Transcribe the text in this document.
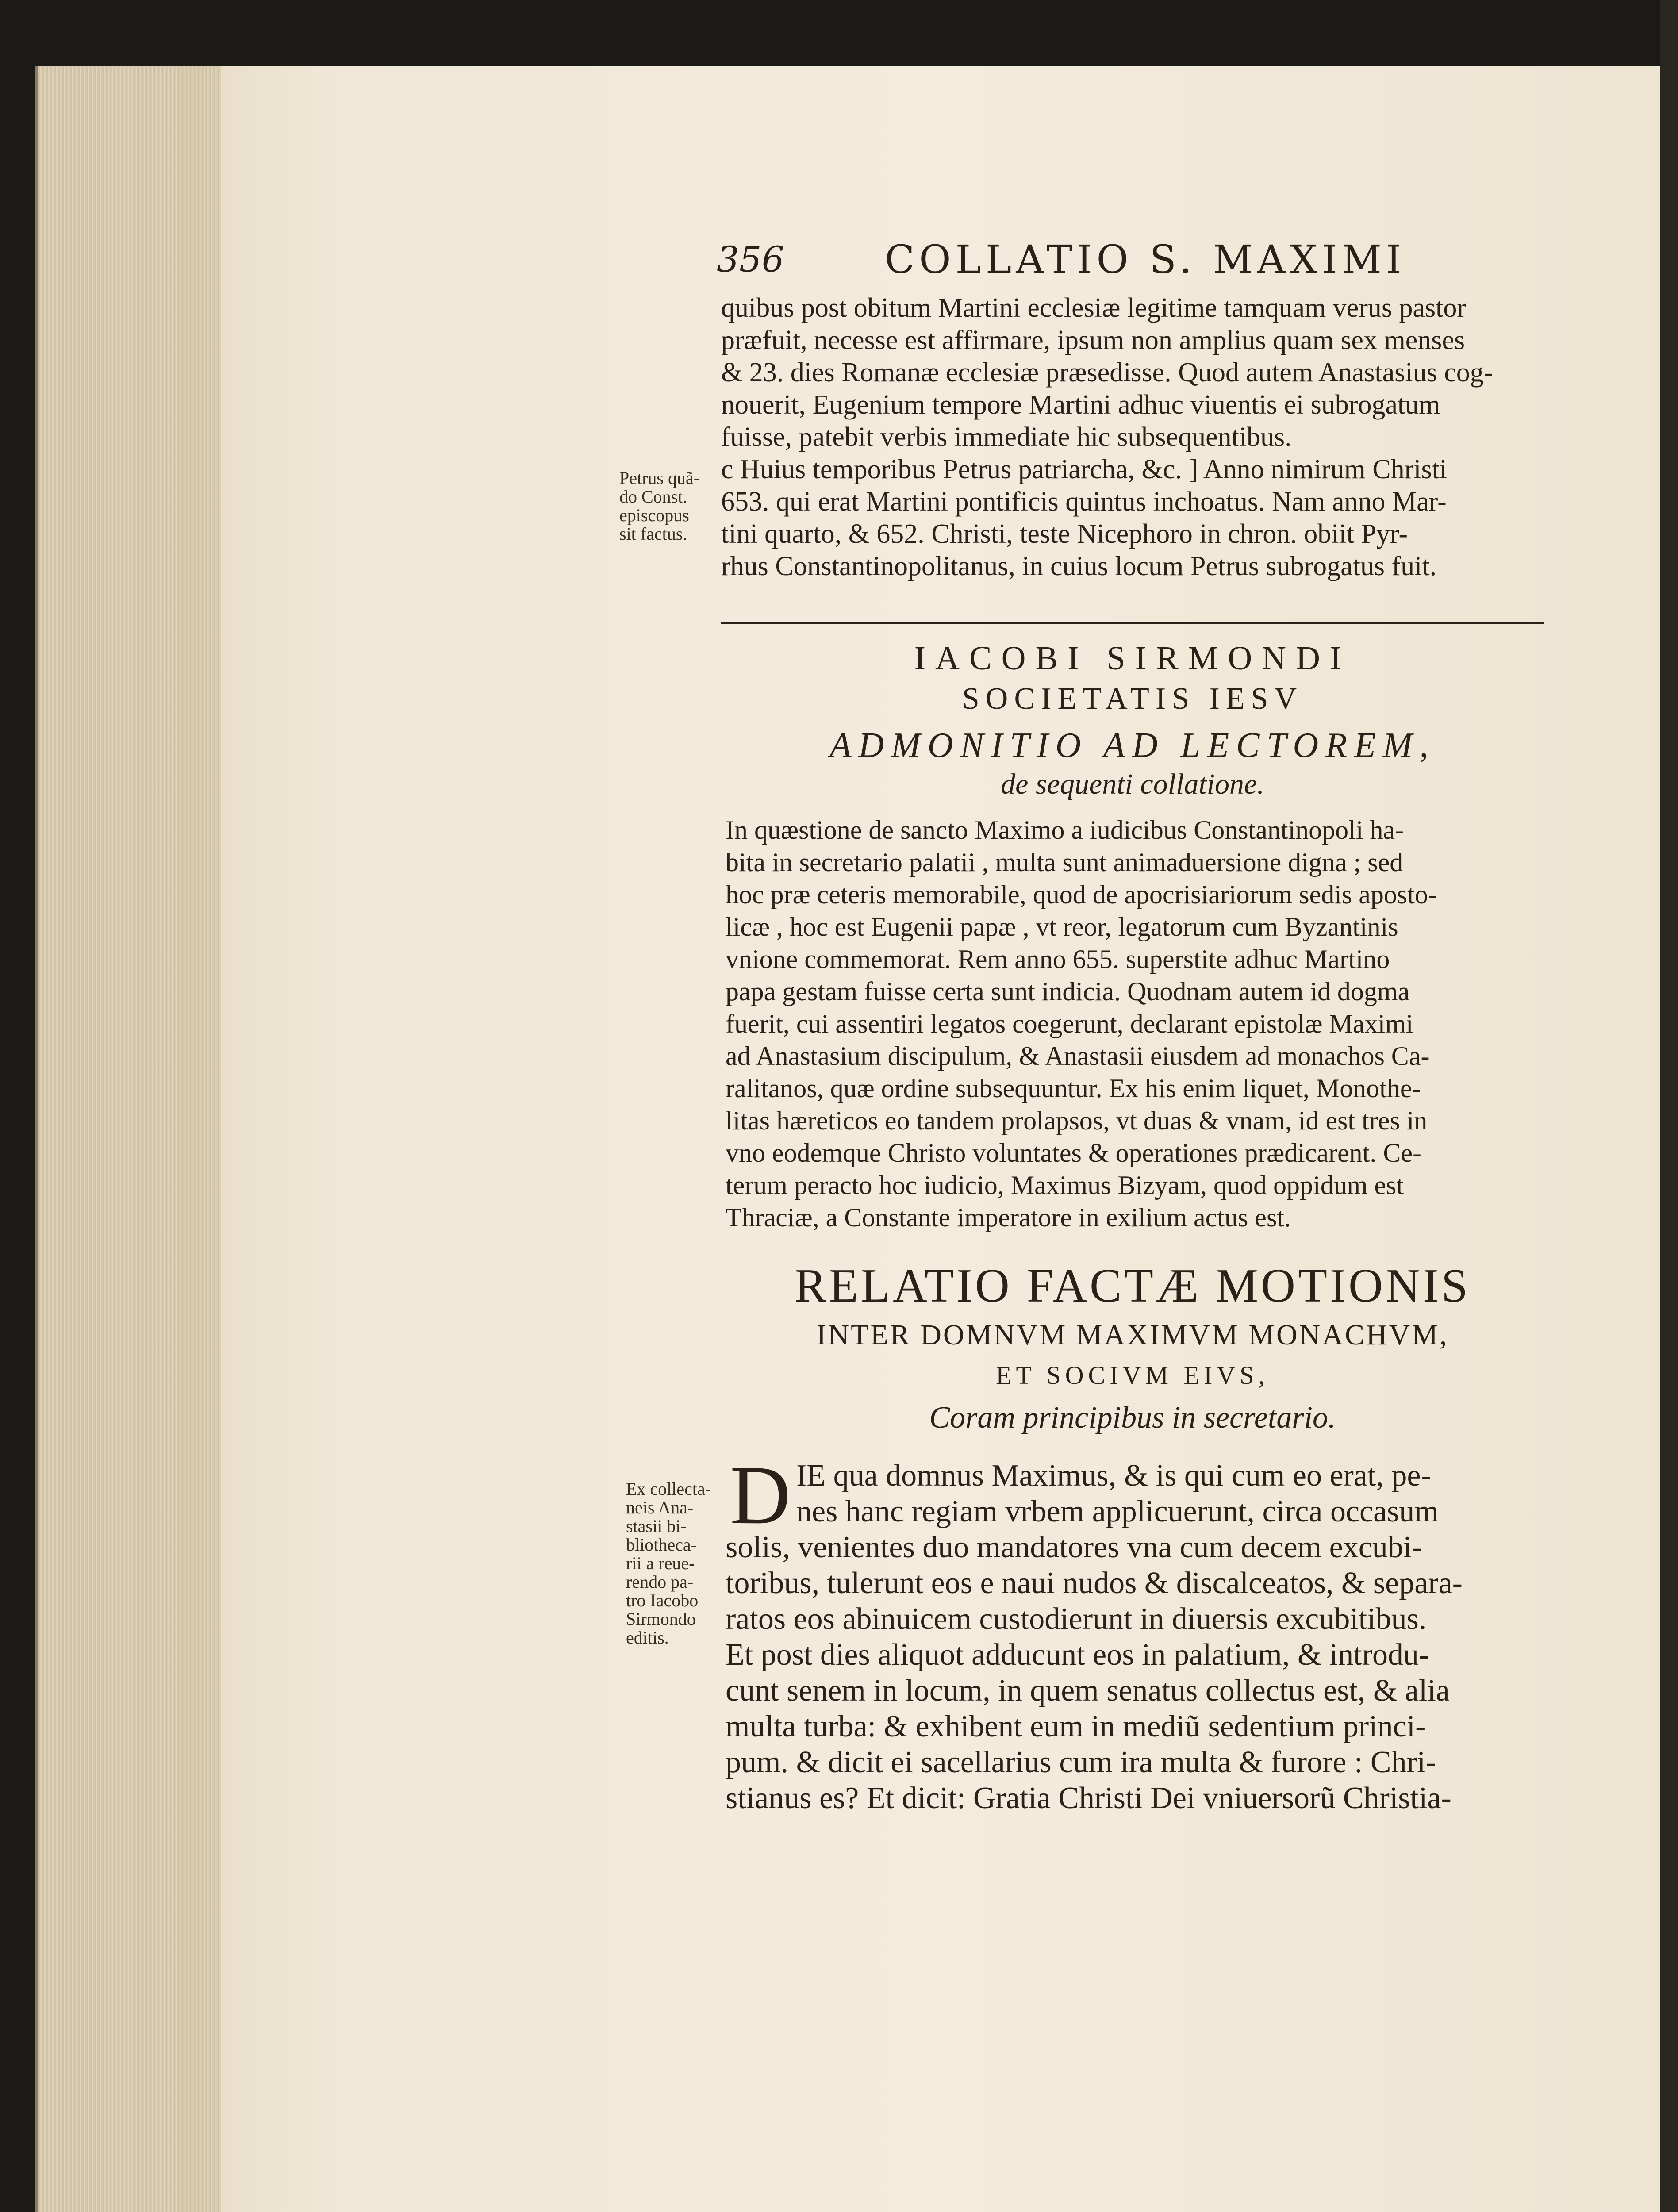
356	COLLATIO S. MAXIMI
quibus post obitum Martini ecclesiæ legitime tamquam verus pastor
præfuit, necesse est affirmare, ipsum non amplius quam sex menses
& 23. dies Romanæ ecclesiæ præsedisse. Quod autem Anastasius cog-
nouerit, Eugenium tempore Martini adhuc viuentis ei subrogatum
fuisse, patebit verbis immediate hic subsequentibus.
c Huius temporibus Petrus patriarcha, &c. ] Anno nimirum Christi
653. qui erat Martini pontificis quintus inchoatus. Nam anno Mar-
tini quarto, & 652. Christi, teste Nicephoro in chron. obiit Pyr-
rhus Constantinopolitanus, in cuius locum Petrus subrogatus fuit.
Petrus quã-
do Const.
episcopus
sit factus.
IACOBI SIRMONDI
SOCIETATIS IESV
ADMONITIO AD LECTOREM,
de sequenti collatione.
In quæstione de sancto Maximo a iudicibus Constantinopoli ha-
bita in secretario palatii , multa sunt animaduersione digna ; sed
hoc præ ceteris memorabile, quod de apocrisiariorum sedis aposto-
licæ , hoc est Eugenii papæ , vt reor, legatorum cum Byzantinis
vnione commemorat. Rem anno 655. superstite adhuc Martino
papa gestam fuisse certa sunt indicia. Quodnam autem id dogma
fuerit, cui assentiri legatos coegerunt, declarant epistolæ Maximi
ad Anastasium discipulum, & Anastasii eiusdem ad monachos Ca-
ralitanos, quæ ordine subsequuntur. Ex his enim liquet, Monothe-
litas hæreticos eo tandem prolapsos, vt duas & vnam, id est tres in
vno eodemque Christo voluntates & operationes prædicarent. Ce-
terum peracto hoc iudicio, Maximus Bizyam, quod oppidum est
Thraciæ, a Constante imperatore in exilium actus est.
RELATIO FACTÆ MOTIONIS
INTER DOMNVM MAXIMVM MONACHVM,
ET SOCIVM EIVS,
Coram principibus in secretario.
Ex collecta-
neis Ana-
stasii bi-
bliotheca-
rii a reue-
rendo pa-
tro Iacobo
Sirmondo
editis.
D IE qua domnus Maximus, & is qui cum eo erat, pe-
nes hanc regiam vrbem applicuerunt, circa occasum
solis, venientes duo mandatores vna cum decem excubi-
toribus, tulerunt eos e naui nudos & discalceatos, & separa-
ratos eos abinuicem custodierunt in diuersis excubitibus.
Et post dies aliquot adducunt eos in palatium, & introdu-
cunt senem in locum, in quem senatus collectus est, & alia
multa turba: & exhibent eum in mediũ sedentium princi-
pum. & dicit ei sacellarius cum ira multa & furore : Chri-
stianus es? Et dicit: Gratia Christi Dei vniuersorũ Christia-
